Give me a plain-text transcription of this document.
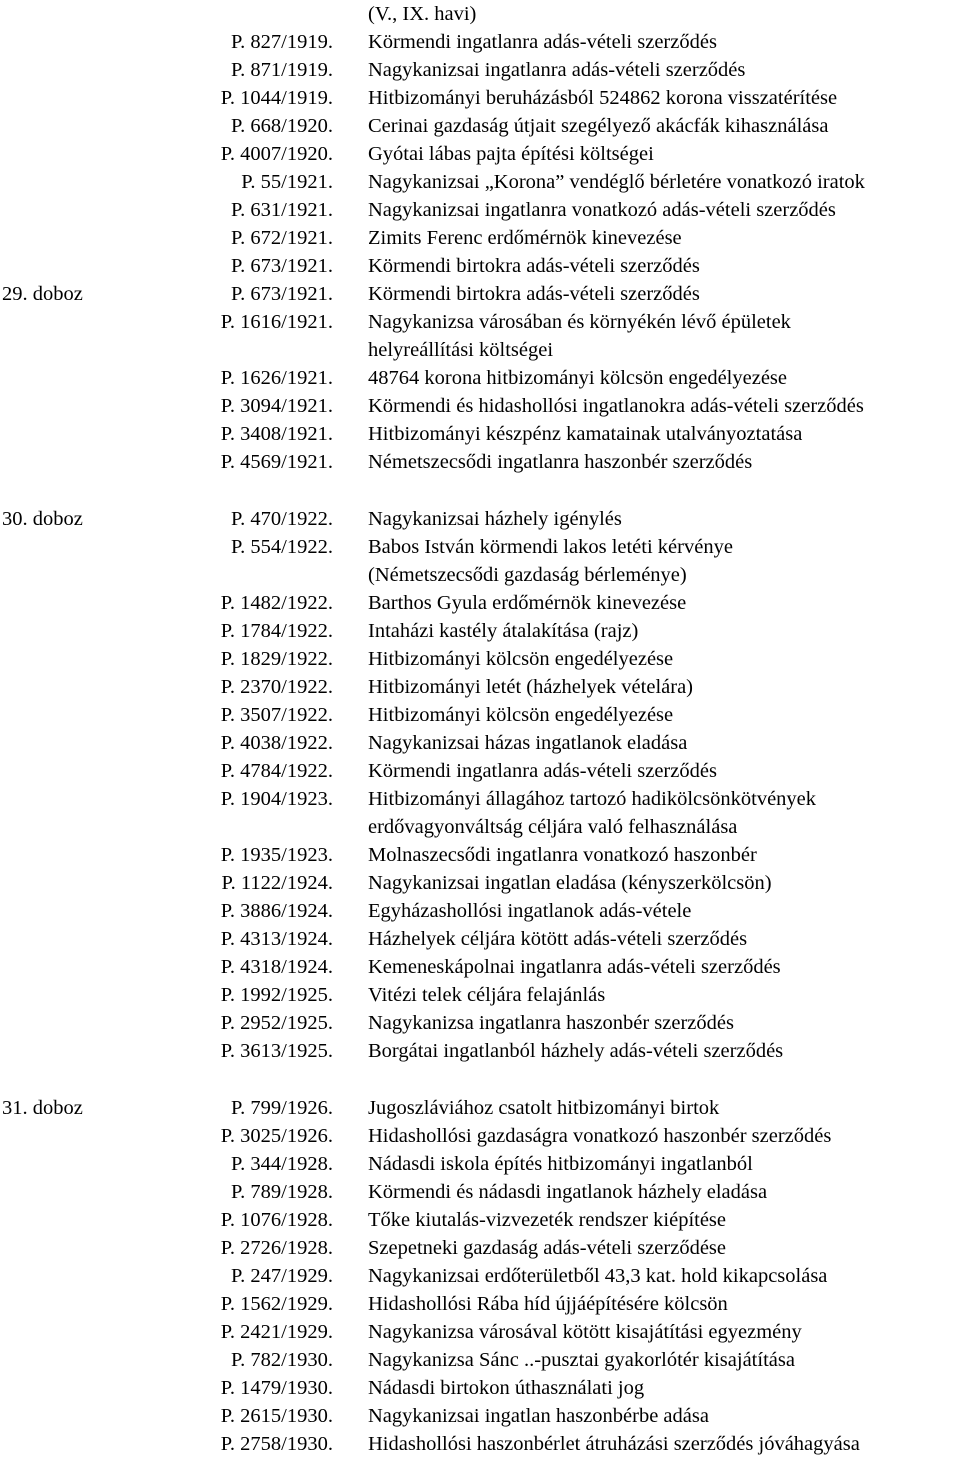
(V., IX. havi)
P. 827/1919. Körmendi ingatlanra adás-vételi szerződés
P. 871/1919. Nagykanizsai ingatlanra adás-vételi szerződés
P. 1044/1919. Hitbizományi beruházásból 524862 korona visszatérítése
P. 668/1920. Cerinai gazdaság útjait szegélyező akácfák kihasználása
P. 4007/1920. Gyótai lábas pajta építési költségei
P. 55/1921. Nagykanizsai „Korona” vendéglő bérletére vonatkozó iratok
P. 631/1921. Nagykanizsai ingatlanra vonatkozó adás-vételi szerződés
P. 672/1921. Zimits Ferenc erdőmérnök kinevezése
P. 673/1921. Körmendi birtokra adás-vételi szerződés
29. doboz	P. 673/1921. Körmendi birtokra adás-vételi szerződés
P. 1616/1921. Nagykanizsa városában és környékén lévő épületek
helyreállítási költségei
P. 1626/1921. 48764 korona hitbizományi kölcsön engedélyezése
P. 3094/1921. Körmendi és hidashollósi ingatlanokra adás-vételi szerződés
P. 3408/1921. Hitbizományi készpénz kamatainak utalványoztatása
P. 4569/1921. Németszecsődi ingatlanra haszonbér szerződés
30. doboz	P. 470/1922. Nagykanizsai házhely igénylés
P. 554/1922. Babos István körmendi lakos letéti kérvénye
(Németszecsődi gazdaság bérleménye)
P. 1482/1922. Barthos Gyula erdőmérnök kinevezése
P. 1784/1922. Intaházi kastély átalakítása (rajz)
P. 1829/1922. Hitbizományi kölcsön engedélyezése
P. 2370/1922. Hitbizományi letét (házhelyek vételára)
P. 3507/1922. Hitbizományi kölcsön engedélyezése
P. 4038/1922. Nagykanizsai házas ingatlanok eladása
P. 4784/1922. Körmendi ingatlanra adás-vételi szerződés
P. 1904/1923. Hitbizományi állagához tartozó hadikölcsönkötvények
erdővagyonváltság céljára való felhasználása
P. 1935/1923. Molnaszecsődi ingatlanra vonatkozó haszonbér
P. 1122/1924. Nagykanizsai ingatlan eladása (kényszerkölcsön)
P. 3886/1924. Egyházashollósi ingatlanok adás-vétele
P. 4313/1924. Házhelyek céljára kötött adás-vételi szerződés
P. 4318/1924. Kemeneskápolnai ingatlanra adás-vételi szerződés
P. 1992/1925. Vitézi telek céljára felajánlás
P. 2952/1925. Nagykanizsa ingatlanra haszonbér szerződés
P. 3613/1925. Borgátai ingatlanból házhely adás-vételi szerződés
31. doboz	P. 799/1926. Jugoszláviához csatolt hitbizományi birtok
P. 3025/1926. Hidashollósi gazdaságra vonatkozó haszonbér szerződés
P. 344/1928. Nádasdi iskola építés hitbizományi ingatlanból
P. 789/1928. Körmendi és nádasdi ingatlanok házhely eladása
P. 1076/1928. Tőke kiutalás-vizvezeték rendszer kiépítése
P. 2726/1928. Szepetneki gazdaság adás-vételi szerződése
P. 247/1929. Nagykanizsai erdőterületből 43,3 kat. hold kikapcsolása
P. 1562/1929. Hidashollósi Rába híd újjáépítésére kölcsön
P. 2421/1929. Nagykanizsa városával kötött kisajátítási egyezmény
P. 782/1930. Nagykanizsa Sánc ..-pusztai gyakorlótér kisajátítása
P. 1479/1930. Nádasdi birtokon úthasználati jog
P. 2615/1930. Nagykanizsai ingatlan haszonbérbe adása
P. 2758/1930. Hidashollósi haszonbérlet átruházási szerződés jóváhagyása
